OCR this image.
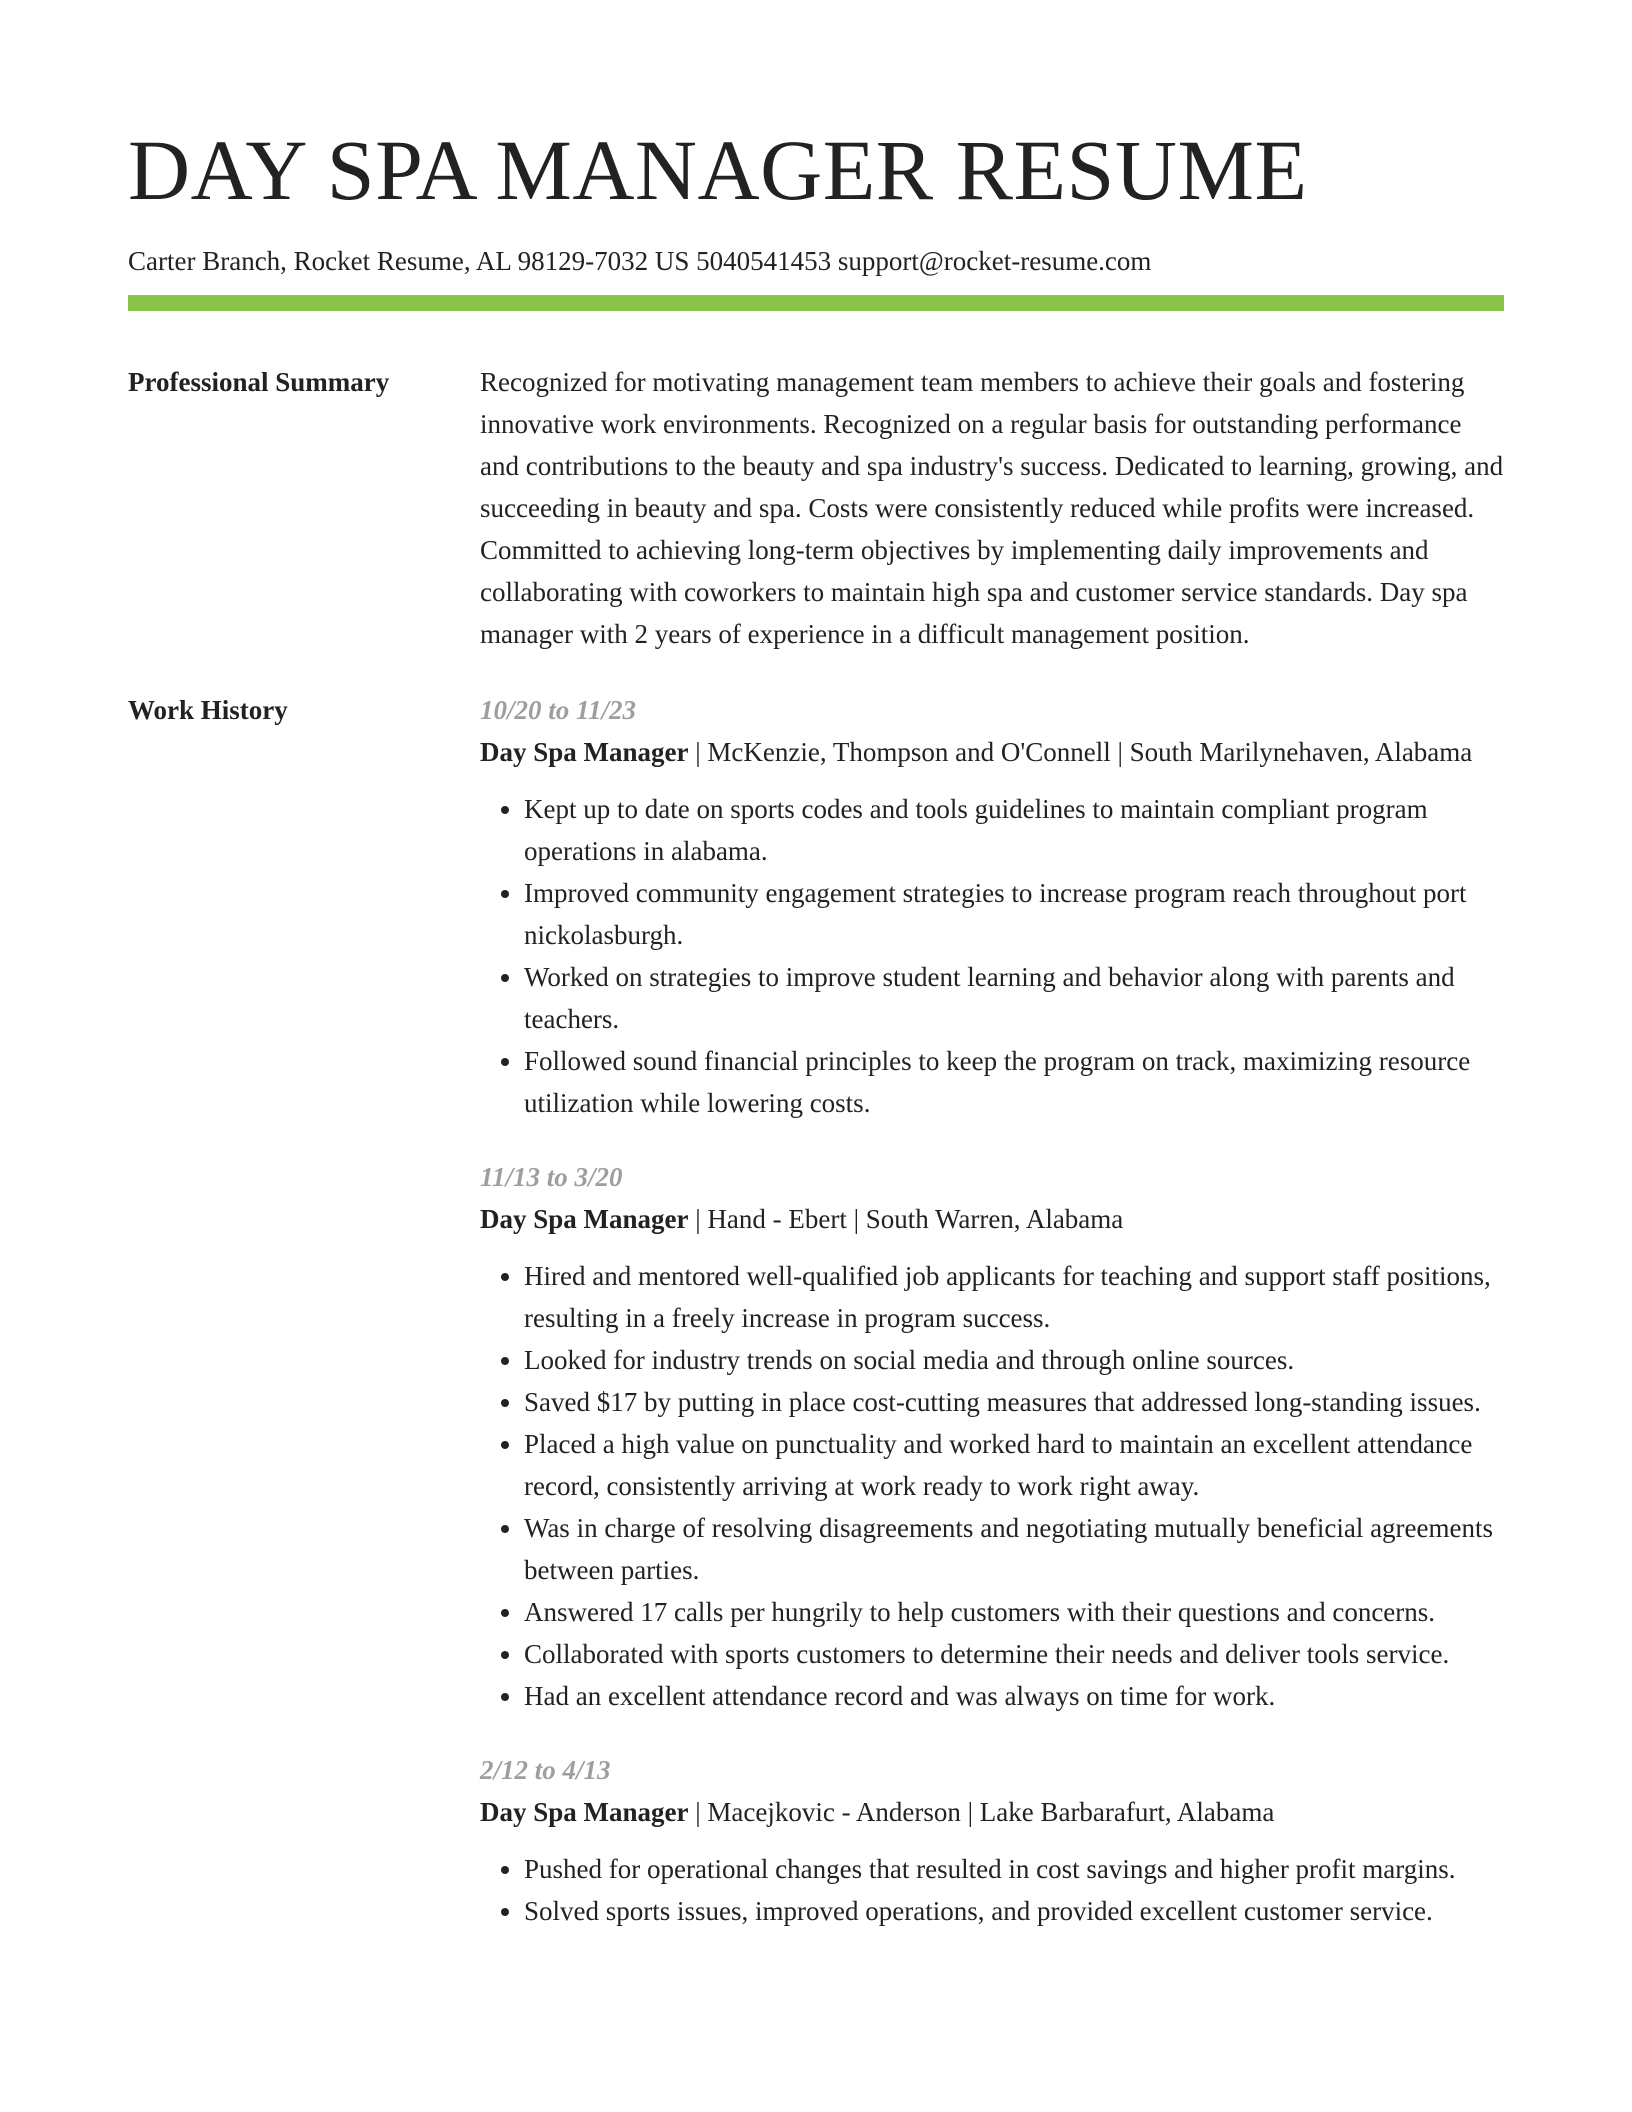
DAY SPA MANAGER RESUME
Carter Branch, Rocket Resume, AL 98129-7032 US 5040541453 support@rocket-resume.com
Professional Summary	Recognized for motivating management team members to achieve their goals and fostering innovative work environments. Recognized on a regular basis for outstanding performance and contributions to the beauty and spa industry's success. Dedicated to learning, growing, and succeeding in beauty and spa. Costs were consistently reduced while profits were increased. Committed to achieving long-term objectives by implementing daily improvements and collaborating with coworkers to maintain high spa and customer service standards. Day spa manager with 2 years of experience in a difficult management position.
Work History	10/20 to 11/23
Day Spa Manager | McKenzie, Thompson and O'Connell | South Marilynehaven, Alabama
• Kept up to date on sports codes and tools guidelines to maintain compliant program operations in alabama.
• Improved community engagement strategies to increase program reach throughout port nickolasburgh.
• Worked on strategies to improve student learning and behavior along with parents and teachers.
• Followed sound financial principles to keep the program on track, maximizing resource utilization while lowering costs.
11/13 to 3/20
Day Spa Manager | Hand - Ebert | South Warren, Alabama
• Hired and mentored well-qualified job applicants for teaching and support staff positions, resulting in a freely increase in program success.
• Looked for industry trends on social media and through online sources.
• Saved $17 by putting in place cost-cutting measures that addressed long-standing issues.
• Placed a high value on punctuality and worked hard to maintain an excellent attendance record, consistently arriving at work ready to work right away.
• Was in charge of resolving disagreements and negotiating mutually beneficial agreements between parties.
• Answered 17 calls per hungrily to help customers with their questions and concerns.
• Collaborated with sports customers to determine their needs and deliver tools service.
• Had an excellent attendance record and was always on time for work.
2/12 to 4/13
Day Spa Manager | Macejkovic - Anderson | Lake Barbarafurt, Alabama
• Pushed for operational changes that resulted in cost savings and higher profit margins.
• Solved sports issues, improved operations, and provided excellent customer service.
